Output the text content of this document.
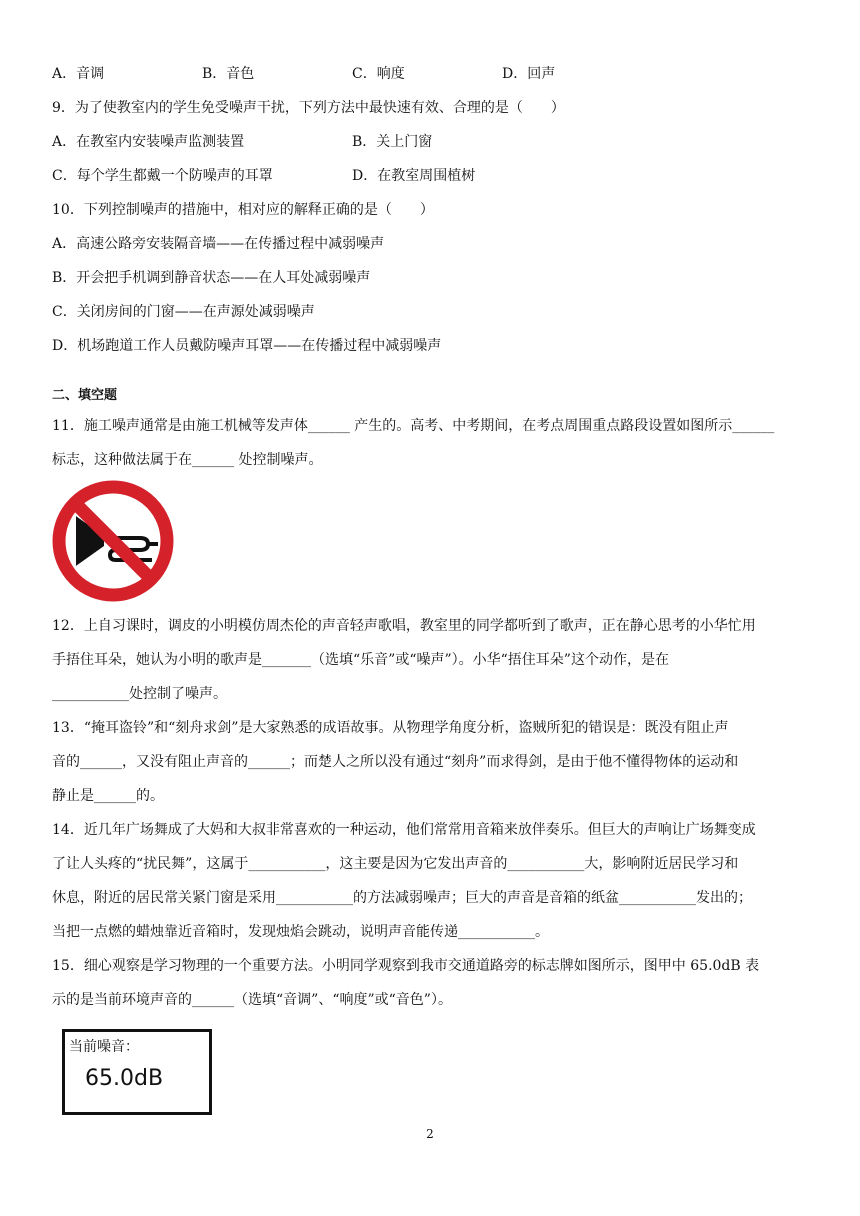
A．音调	B．音色	C．响度	D．回声
9．为了使教室内的学生免受噪声干扰，下列方法中最快速有效、合理的是（　　）
A．在教室内安装噪声监测装置	B．关上门窗
C．每个学生都戴一个防噪声的耳罩	D．在教室周围植树
10．下列控制噪声的措施中，相对应的解释正确的是（　　）
A．高速公路旁安装隔音墙——在传播过程中减弱噪声
B．开会把手机调到静音状态——在人耳处减弱噪声
C．关闭房间的门窗——在声源处减弱噪声
D．机场跑道工作人员戴防噪声耳罩——在传播过程中减弱噪声
二、填空题
11．施工噪声通常是由施工机械等发声体______ 产生的。高考、中考期间，在考点周围重点路段设置如图所示______
标志，这种做法属于在______ 处控制噪声。
12．上自习课时，调皮的小明模仿周杰伦的声音轻声歌唱，教室里的同学都听到了歌声，正在静心思考的小华忙用
手捂住耳朵，她认为小明的歌声是_______（选填“乐音”或“噪声”）。小华“捂住耳朵”这个动作，是在
___________处控制了噪声。
13．“掩耳盗铃”和“刻舟求剑”是大家熟悉的成语故事。从物理学角度分析，盗贼所犯的错误是：既没有阻止声
音的______，又没有阻止声音的______；而楚人之所以没有通过“刻舟”而求得剑，是由于他不懂得物体的运动和
静止是______的。
14．近几年广场舞成了大妈和大叔非常喜欢的一种运动，他们常常用音箱来放伴奏乐。但巨大的声响让广场舞变成
了让人头疼的“扰民舞”，这属于___________，这主要是因为它发出声音的___________大，影响附近居民学习和
休息，附近的居民常关紧门窗是采用___________的方法减弱噪声；巨大的声音是音箱的纸盆___________发出的；
当把一点燃的蜡烛靠近音箱时，发现烛焰会跳动，说明声音能传递___________。
15．细心观察是学习物理的一个重要方法。小明同学观察到我市交通道路旁的标志牌如图所示，图甲中 65.0dB 表
示的是当前环境声音的______（选填“音调”、“响度”或“音色”）。
当前噪音：
65.0dB
2
